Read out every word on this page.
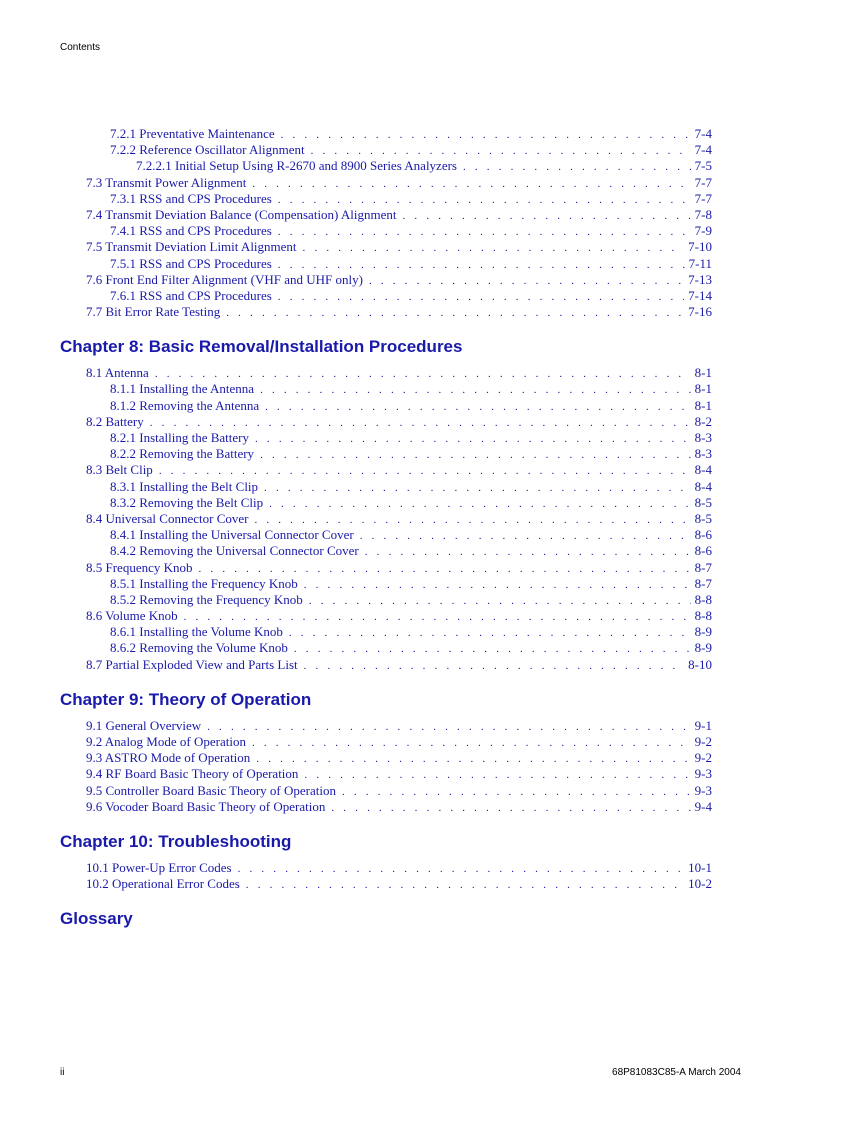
Contents
7.2.1 Preventative Maintenance . . .	7-4
7.2.2 Reference Oscillator Alignment . . .	7-4
7.2.2.1 Initial Setup Using R-2670 and 8900 Series Analyzers . . .	7-5
7.3 Transmit Power Alignment . . .	7-7
7.3.1 RSS and CPS Procedures . . .	7-7
7.4 Transmit Deviation Balance (Compensation) Alignment . . .	7-8
7.4.1 RSS and CPS Procedures . . .	7-9
7.5 Transmit Deviation Limit Alignment . . .	7-10
7.5.1 RSS and CPS Procedures . . .	7-11
7.6 Front End Filter Alignment (VHF and UHF only) . . .	7-13
7.6.1 RSS and CPS Procedures . . .	7-14
7.7 Bit Error Rate Testing . . .	7-16
Chapter 8: Basic Removal/Installation Procedures
8.1 Antenna . . .	8-1
8.1.1 Installing the Antenna . . .	8-1
8.1.2 Removing the Antenna . . .	8-1
8.2 Battery . . .	8-2
8.2.1 Installing the Battery . . .	8-3
8.2.2 Removing the Battery . . .	8-3
8.3 Belt Clip . . .	8-4
8.3.1 Installing the Belt Clip . . .	8-4
8.3.2 Removing the Belt Clip . . .	8-5
8.4 Universal Connector Cover . . .	8-5
8.4.1 Installing the Universal Connector Cover . . .	8-6
8.4.2 Removing the Universal Connector Cover . . .	8-6
8.5 Frequency Knob . . .	8-7
8.5.1 Installing the Frequency Knob . . .	8-7
8.5.2 Removing the Frequency Knob . . .	8-8
8.6 Volume Knob . . .	8-8
8.6.1 Installing the Volume Knob . . .	8-9
8.6.2 Removing the Volume Knob . . .	8-9
8.7 Partial Exploded View and Parts List . . .	8-10
Chapter 9: Theory of Operation
9.1 General Overview . . .	9-1
9.2 Analog Mode of Operation . . .	9-2
9.3 ASTRO Mode of Operation . . .	9-2
9.4 RF Board Basic Theory of Operation . . .	9-3
9.5 Controller Board Basic Theory of Operation . . .	9-3
9.6 Vocoder Board Basic Theory of Operation . . .	9-4
Chapter 10: Troubleshooting
10.1 Power-Up Error Codes . . .	10-1
10.2 Operational Error Codes . . .	10-2
Glossary
ii	68P81083C85-A March 2004
